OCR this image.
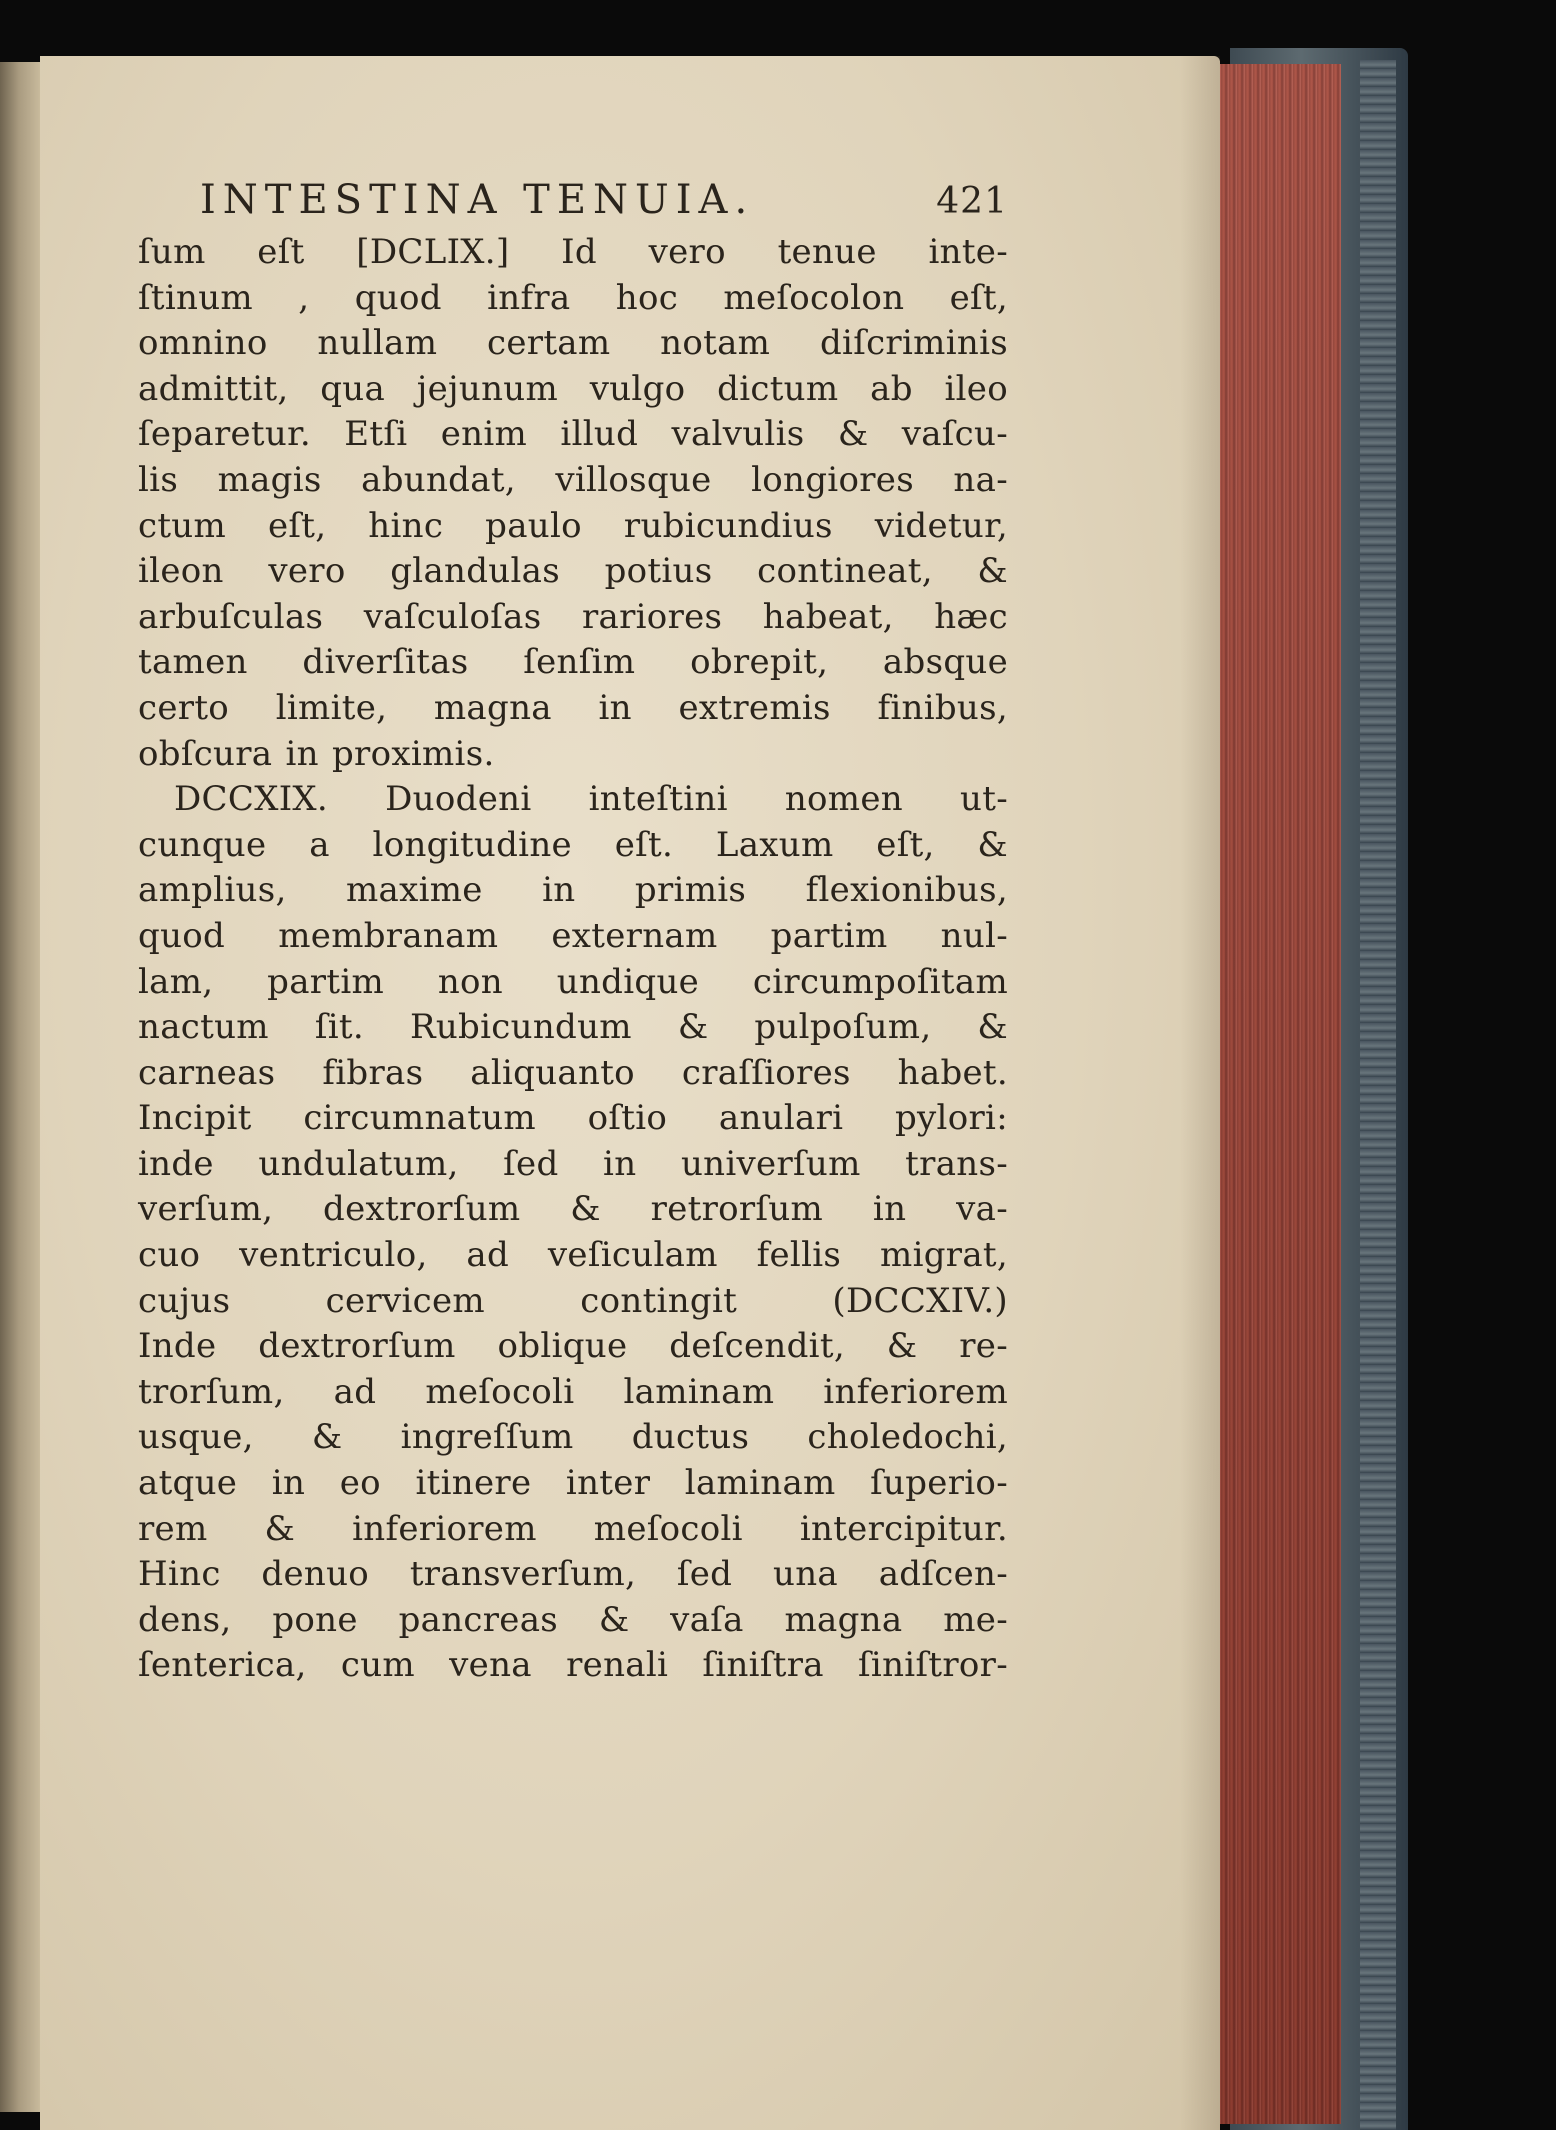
INTESTINA TENUIA.	421
ſum eſt [DCLIX.] Id vero tenue inte-
ſtinum , quod infra hoc meſocolon eſt,
omnino nullam certam notam diſcriminis
admittit, qua jejunum vulgo dictum ab ileo
ſeparetur. Etſi enim illud valvulis & vaſcu-
lis magis abundat, villosque longiores na-
ctum eſt, hinc paulo rubicundius videtur,
ileon vero glandulas potius contineat, &
arbuſculas vaſculoſas rariores habeat, hæc
tamen diverſitas ſenſim obrepit, absque
certo limite, magna in extremis finibus,
obſcura in proximis.
DCCXIX. Duodeni inteſtini nomen ut-
cunque a longitudine eſt. Laxum eſt, &
amplius, maxime in primis flexionibus,
quod membranam externam partim nul-
lam, partim non undique circumpoſitam
nactum ſit. Rubicundum & pulpoſum, &
carneas fibras aliquanto craſſiores habet.
Incipit circumnatum oſtio anulari pylori:
inde undulatum, ſed in univerſum trans-
verſum, dextrorſum & retrorſum in va-
cuo ventriculo, ad veſiculam fellis migrat,
cujus cervicem contingit (DCCXIV.)
Inde dextrorſum oblique deſcendit, & re-
trorſum, ad meſocoli laminam inferiorem
usque, & ingreſſum ductus choledochi,
atque in eo itinere inter laminam ſuperio-
rem & inferiorem meſocoli intercipitur.
Hinc denuo transverſum, ſed una adſcen-
dens, pone pancreas & vaſa magna me-
ſenterica, cum vena renali ſiniſtra ſiniſtror-
